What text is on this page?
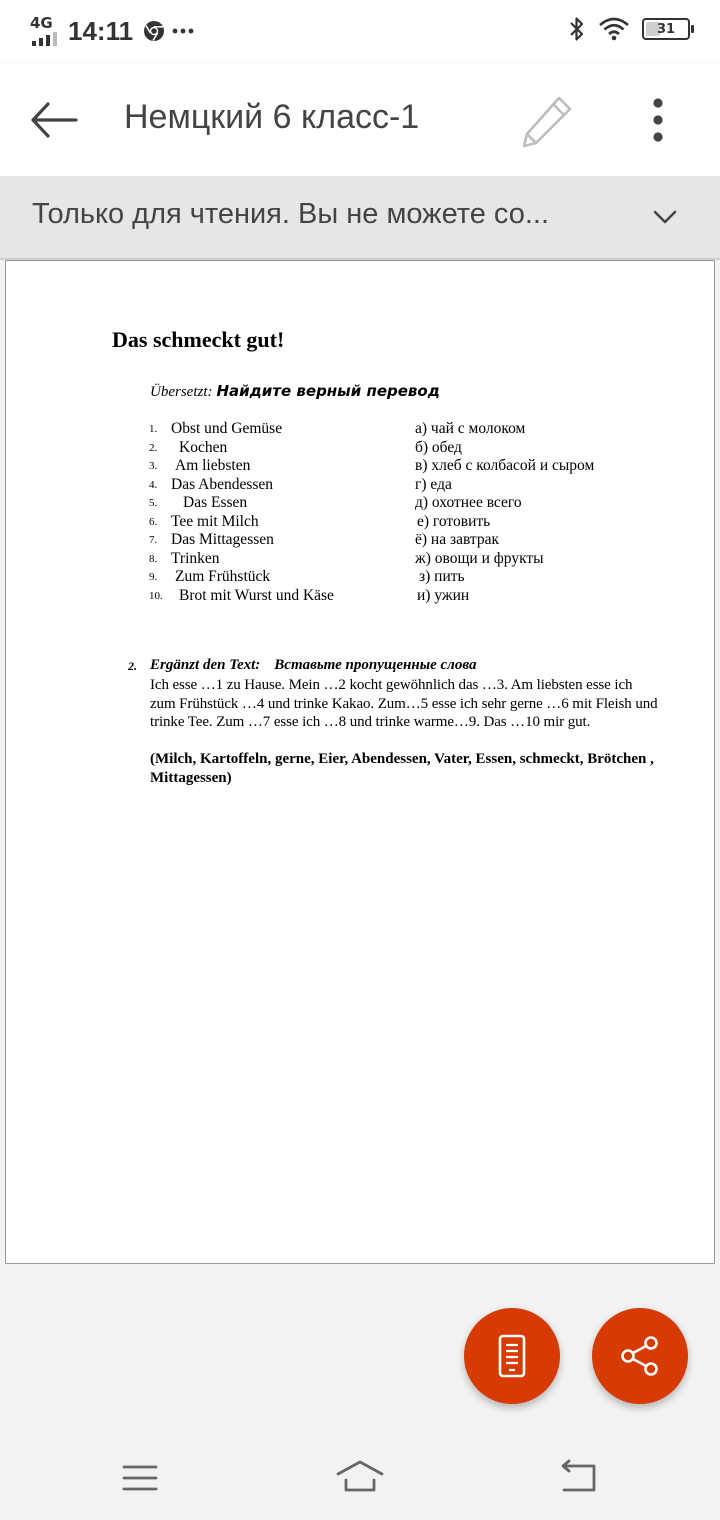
4G 14:11	31
Немцкий 6 класс-1
Только для чтения. Вы не можете со...
Das schmeckt gut!
Übersetzt: Найдите верный перевод
1. Obst und Gemüse	а) чай с молоком
2. Kochen	б) обед
3. Am liebsten	в) хлеб с колбасой и сыром
4. Das Abendessen	г) еда
5. Das Essen	д) охотнее всего
6. Tee mit Milch	е) готовить
7. Das Mittagessen	ё) на завтрак
8. Trinken	ж) овощи и фрукты
9. Zum Frühstück	з) пить
10. Brot mit Wurst und Käse	и) ужин
2. Ergänzt den Text: Вставьте пропущенные слова
Ich esse …1 zu Hause. Mein …2 kocht gewöhnlich das …3. Am liebsten esse ich zum Frühstück …4 und trinke Kakao. Zum…5 esse ich sehr gerne …6 mit Fleish und trinke Tee. Zum …7 esse ich …8 und trinke warme…9. Das …10 mir gut.
(Milch, Kartoffeln, gerne, Eier, Abendessen, Vater, Essen, schmeckt, Brötchen , Mittagessen)
